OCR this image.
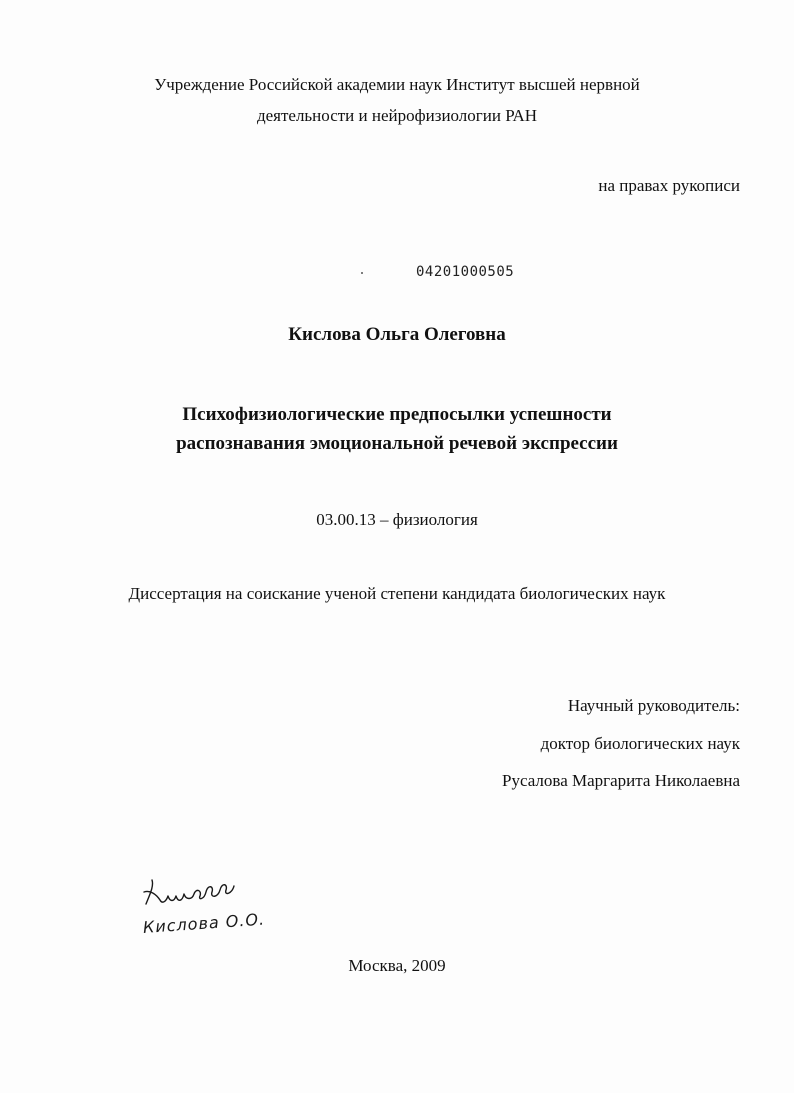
Учреждение Российской академии наук Институт высшей нервной
деятельности и нейрофизиологии РАН
на правах рукописи
04201000505
Кислова Ольга Олеговна
Психофизиологические предпосылки успешности
распознавания эмоциональной речевой экспрессии
03.00.13 – физиология
Диссертация на соискание ученой степени кандидата биологических наук
Научный руководитель:
доктор биологических наук
Русалова Маргарита Николаевна
Кислова О.О.
Москва, 2009
